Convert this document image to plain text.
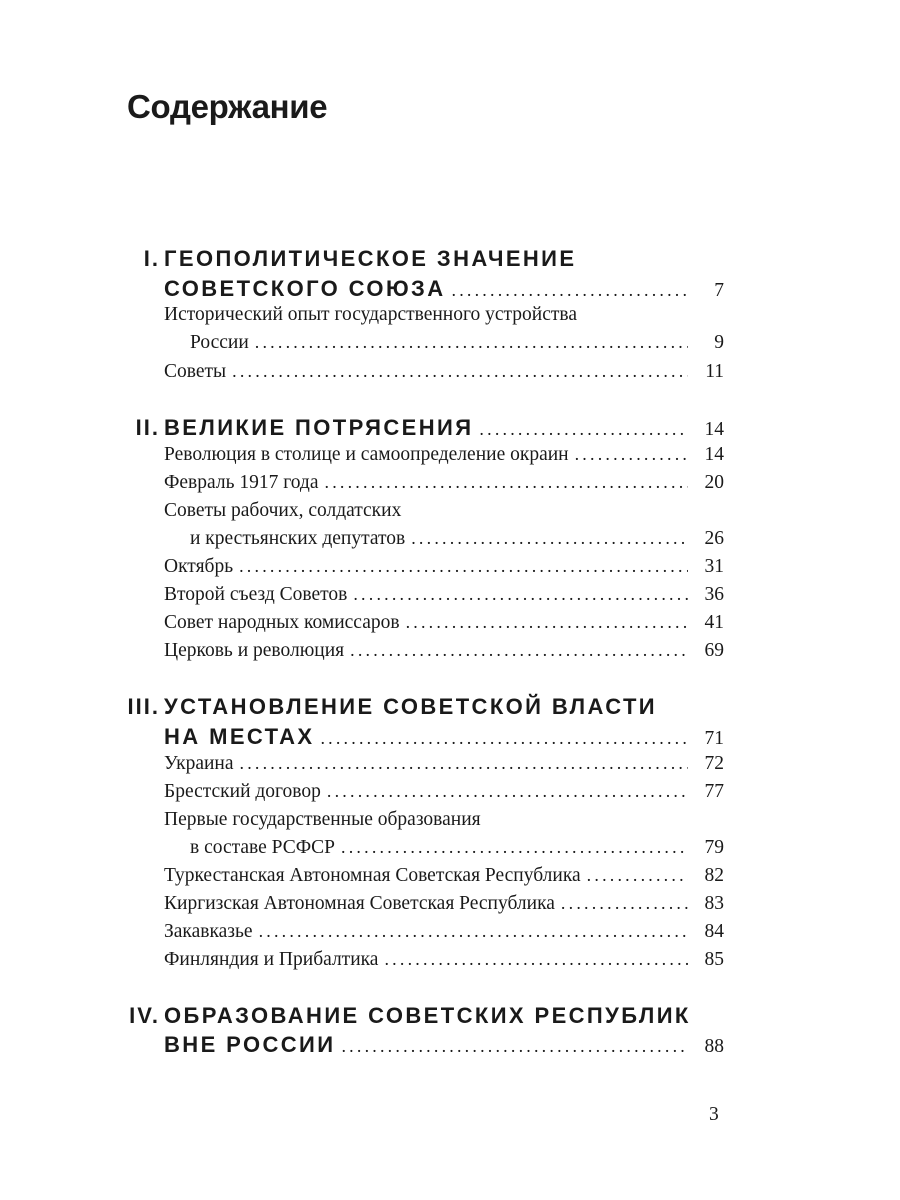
Содержание
I. ГЕОПОЛИТИЧЕСКОЕ ЗНАЧЕНИЕ
СОВЕТСКОГО СОЮЗА .....	7
Исторический опыт государственного устройства
России .....	9
Советы .....	11
II. ВЕЛИКИЕ ПОТРЯСЕНИЯ .....	14
Революция в столице и самоопределение окраин .....	14
Февраль 1917 года .....	20
Советы рабочих, солдатских
и крестьянских депутатов .....	26
Октябрь .....	31
Второй съезд Советов .....	36
Совет народных комиссаров .....	41
Церковь и революция .....	69
III. УСТАНОВЛЕНИЕ СОВЕТСКОЙ ВЛАСТИ
НА МЕСТАХ .....	71
Украина .....	72
Брестский договор .....	77
Первые государственные образования
в составе РСФСР .....	79
Туркестанская Автономная Советская Республика .....	82
Киргизская Автономная Советская Республика .....	83
Закавказье .....	84
Финляндия и Прибалтика .....	85
IV. ОБРАЗОВАНИЕ СОВЕТСКИХ РЕСПУБЛИК
ВНЕ РОССИИ .....	88
3
